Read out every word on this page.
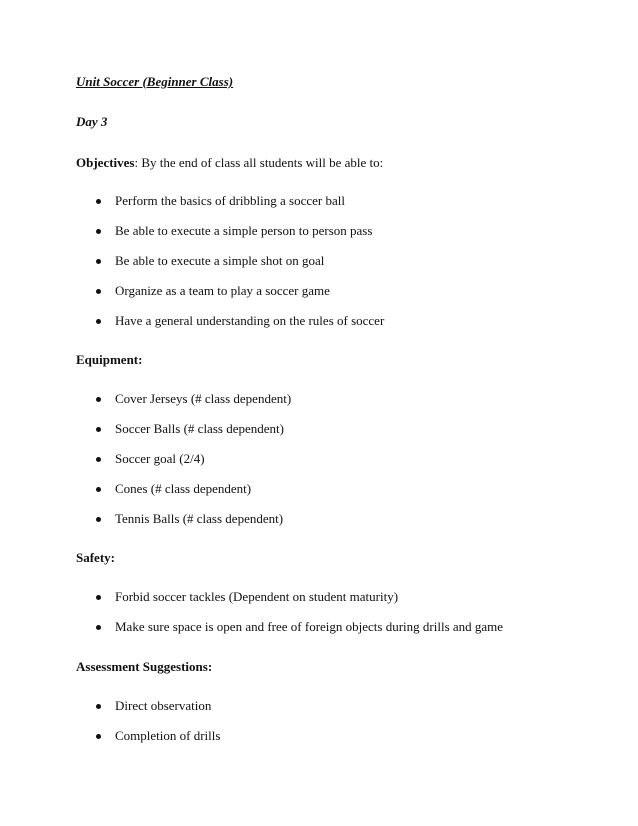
Unit Soccer (Beginner Class)

Day 3

Objectives: By the end of class all students will be able to:

Perform the basics of dribbling a soccer ball
Be able to execute a simple person to person pass
Be able to execute a simple shot on goal
Organize as a team to play a soccer game
Have a general understanding on the rules of soccer

Equipment:

Cover Jerseys (# class dependent)
Soccer Balls (# class dependent)
Soccer goal (2/4)
Cones (# class dependent)
Tennis Balls (# class dependent)

Safety:

Forbid soccer tackles (Dependent on student maturity)
Make sure space is open and free of foreign objects during drills and game

Assessment Suggestions:

Direct observation
Completion of drills
